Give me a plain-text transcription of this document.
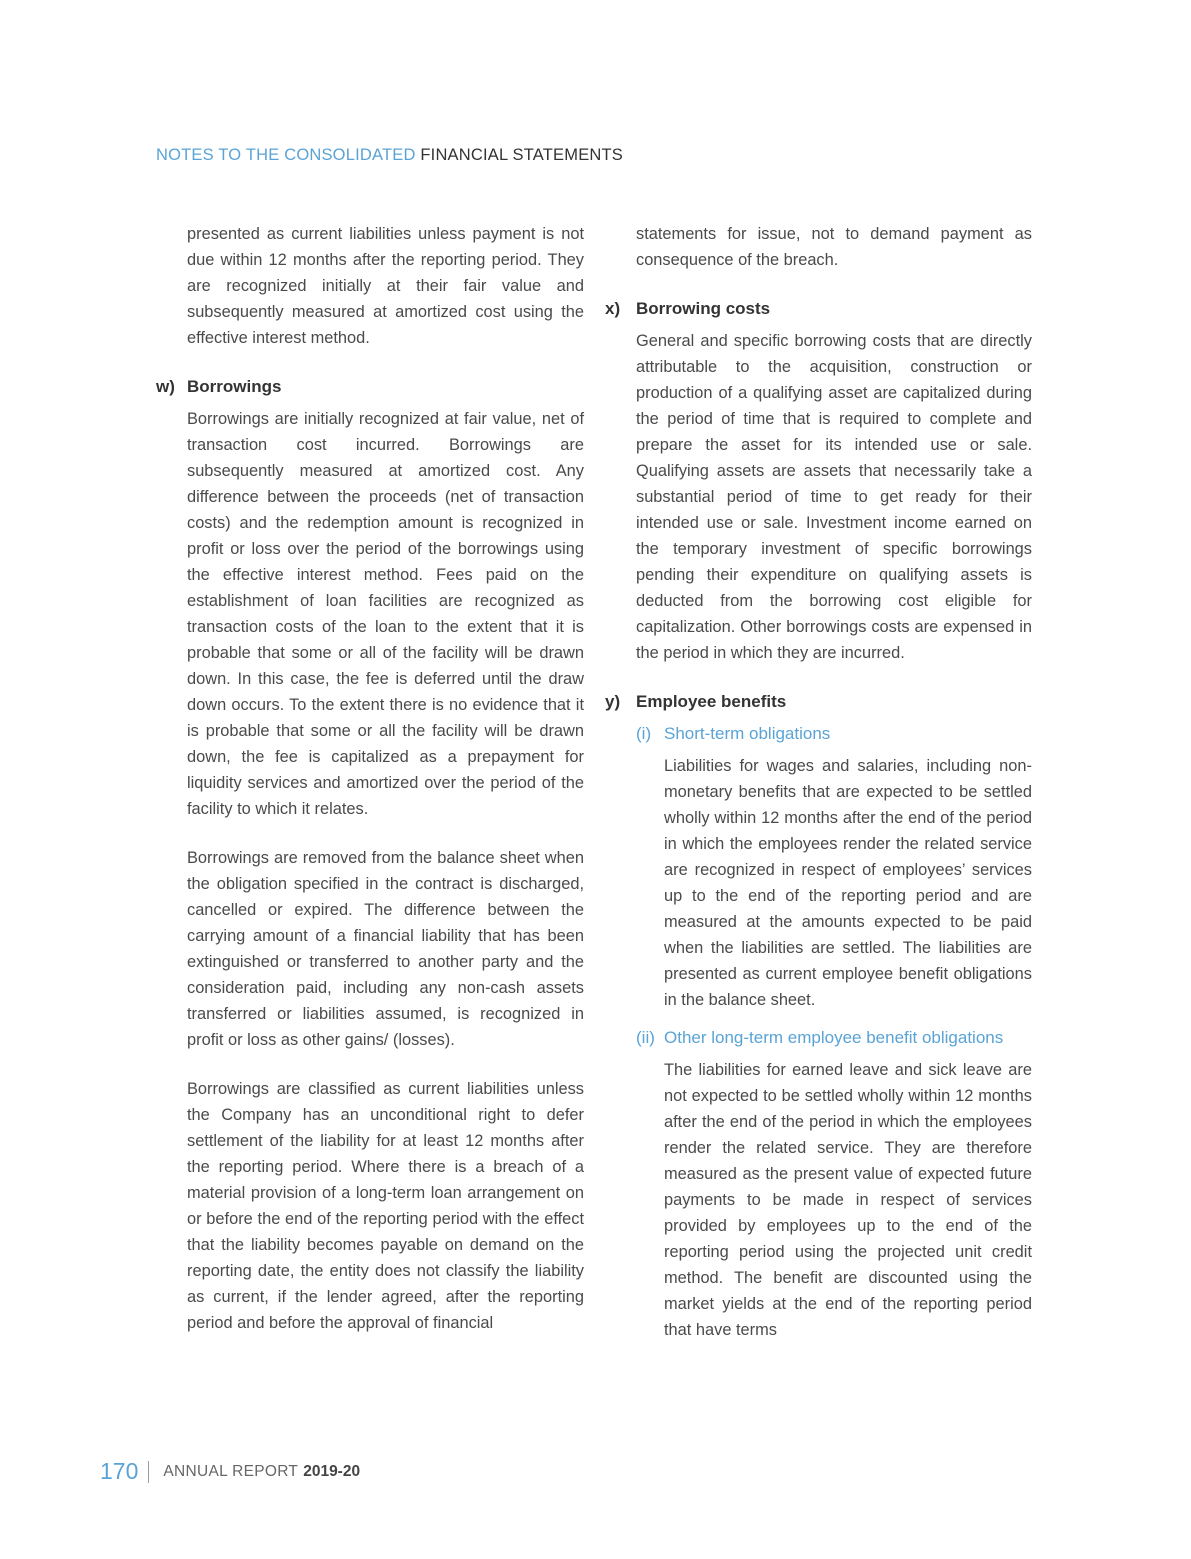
NOTES TO THE CONSOLIDATED FINANCIAL STATEMENTS

presented as current liabilities unless payment is not due within 12 months after the reporting period. They are recognized initially at their fair value and subsequently measured at amortized cost using the effective interest method.

w) Borrowings

Borrowings are initially recognized at fair value, net of transaction cost incurred. Borrowings are subsequently measured at amortized cost. Any difference between the proceeds (net of transaction costs) and the redemption amount is recognized in profit or loss over the period of the borrowings using the effective interest method. Fees paid on the establishment of loan facilities are recognized as transaction costs of the loan to the extent that it is probable that some or all of the facility will be drawn down. In this case, the fee is deferred until the draw down occurs. To the extent there is no evidence that it is probable that some or all the facility will be drawn down, the fee is capitalized as a prepayment for liquidity services and amortized over the period of the facility to which it relates.

Borrowings are removed from the balance sheet when the obligation specified in the contract is discharged, cancelled or expired. The difference between the carrying amount of a financial liability that has been extinguished or transferred to another party and the consideration paid, including any non-cash assets transferred or liabilities assumed, is recognized in profit or loss as other gains/ (losses).

Borrowings are classified as current liabilities unless the Company has an unconditional right to defer settlement of the liability for at least 12 months after the reporting period. Where there is a breach of a material provision of a long-term loan arrangement on or before the end of the reporting period with the effect that the liability becomes payable on demand on the reporting date, the entity does not classify the liability as current, if the lender agreed, after the reporting period and before the approval of financial

statements for issue, not to demand payment as consequence of the breach.

x) Borrowing costs

General and specific borrowing costs that are directly attributable to the acquisition, construction or production of a qualifying asset are capitalized during the period of time that is required to complete and prepare the asset for its intended use or sale. Qualifying assets are assets that necessarily take a substantial period of time to get ready for their intended use or sale. Investment income earned on the temporary investment of specific borrowings pending their expenditure on qualifying assets is deducted from the borrowing cost eligible for capitalization. Other borrowings costs are expensed in the period in which they are incurred.

y) Employee benefits
(i) Short-term obligations

Liabilities for wages and salaries, including non-monetary benefits that are expected to be settled wholly within 12 months after the end of the period in which the employees render the related service are recognized in respect of employees’ services up to the end of the reporting period and are measured at the amounts expected to be paid when the liabilities are settled. The liabilities are presented as current employee benefit obligations in the balance sheet.

(ii) Other long-term employee benefit obligations

The liabilities for earned leave and sick leave are not expected to be settled wholly within 12 months after the end of the period in which the employees render the related service. They are therefore measured as the present value of expected future payments to be made in respect of services provided by employees up to the end of the reporting period using the projected unit credit method. The benefit are discounted using the market yields at the end of the reporting period that have terms

170 ANNUAL REPORT 2019-20
